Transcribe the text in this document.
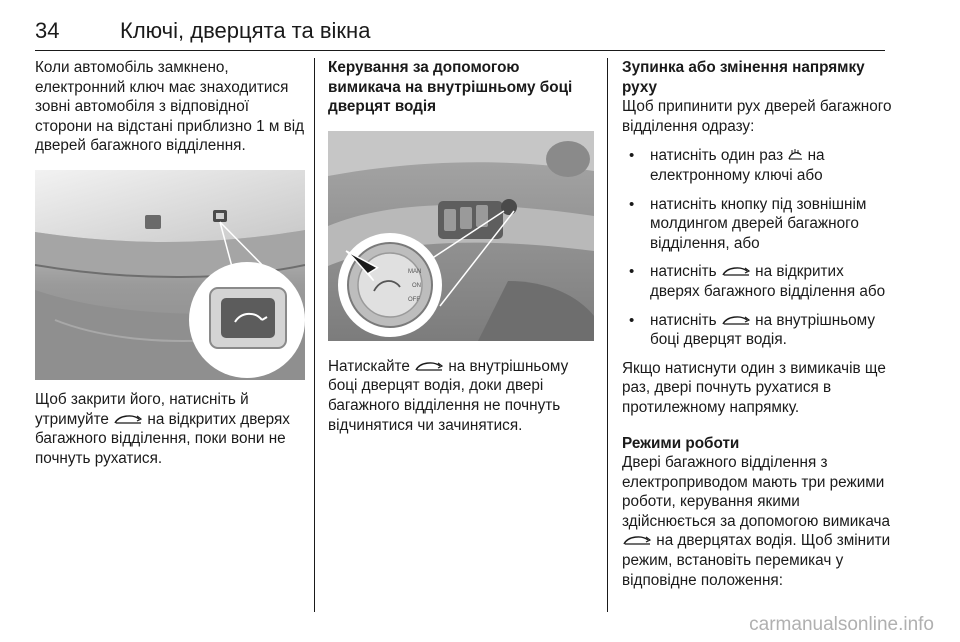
34	Ключі, дверцята та вікна

Коли автомобіль замкнено, електронний ключ має знаходитися зовні автомобіля з відповідної сторони на відстані приблизно 1 м від дверей багажного відділення.

Щоб закрити його, натисніть й утримуйте
на відкритих дверях багажного відділення, поки вони не почнуть рухатися.

Керування за допомогою вимикача на внутрішньому боці дверцят водія

MAN
ON
OFF

Натискайте
на внутрішньому боці дверцят водія, доки двері багажного відділення не почнуть відчинятися чи зачинятися.

Зупинка або змінення напрямку руху

Щоб припинити рух дверей багажного відділення одразу:

• натисніть один раз
на електронному ключі або
• натисніть кнопку під зовнішнім молдингом дверей багажного відділення, або
• натисніть
на відкритих дверях багажного відділення або
• натисніть
на внутрішньому боці дверцят водія.

Якщо натиснути один з вимикачів ще раз, двері почнуть рухатися в протилежному напрямку.

Режими роботи

Двері багажного відділення з електроприводом мають три режими роботи, керування якими здійснюється за допомогою вимикача
на дверцятах водія. Щоб змінити режим, встановіть перемикач у відповідне положення:

carmanualsonline.info
